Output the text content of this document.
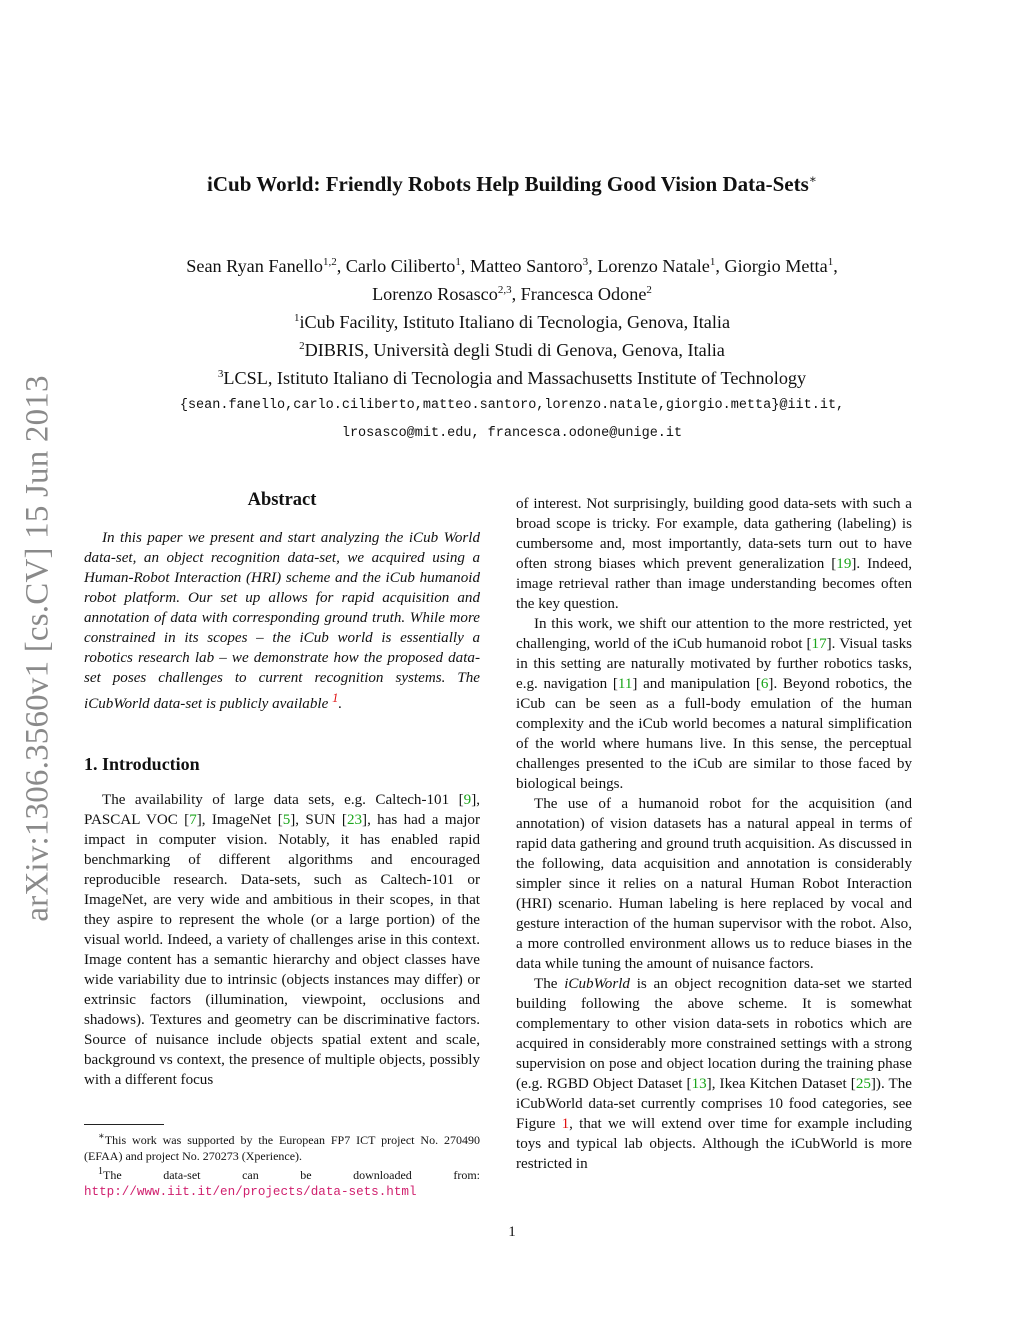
arXiv:1306.3560v1 [cs.CV] 15 Jun 2013
iCub World: Friendly Robots Help Building Good Vision Data-Sets∗
Sean Ryan Fanello$^{1,2}$, Carlo Ciliberto$^1$, Matteo Santoro$^3$, Lorenzo Natale$^1$, Giorgio Metta$^1$,
Lorenzo Rosasco$^{2,3}$, Francesca Odone$^2$
$^1$iCub Facility, Istituto Italiano di Tecnologia, Genova, Italia
$^2$DIBRIS, Università degli Studi di Genova, Genova, Italia
$^3$LCSL, Istituto Italiano di Tecnologia and Massachusetts Institute of Technology
{sean.fanello,carlo.ciliberto,matteo.santoro,lorenzo.natale,giorgio.metta}@iit.it,
lrosasco@mit.edu, francesca.odone@unige.it
Abstract

In this paper we present and start analyzing the iCub World data-set, an object recognition data-set, we acquired using a Human-Robot Interaction (HRI) scheme and the iCub humanoid robot platform. Our set up allows for rapid acquisition and annotation of data with corresponding ground truth. While more constrained in its scopes – the iCub world is essentially a robotics research lab – we demonstrate how the proposed data-set poses challenges to current recognition systems. The iCubWorld data-set is publicly available $^1$.

1. Introduction

The availability of large data sets, e.g. Caltech-101 [9], PASCAL VOC [7], ImageNet [5], SUN [23], has had a major impact in computer vision. Notably, it has enabled rapid benchmarking of different algorithms and encouraged reproducible research. Data-sets, such as Caltech-101 or ImageNet, are very wide and ambitious in their scopes, in that they aspire to represent the whole (or a large portion) of the visual world. Indeed, a variety of challenges arise in this context. Image content has a semantic hierarchy and object classes have wide variability due to intrinsic (objects instances may differ) or extrinsic factors (illumination, viewpoint, occlusions and shadows). Textures and geometry can be discriminative factors. Source of nuisance include objects spatial extent and scale, background vs context, the presence of multiple objects, possibly with a different focus

∗This work was supported by the European FP7 ICT project No. 270490 (EFAA) and project No. 270273 (Xperience).

$^1$The data-set can be downloaded from: http://www.iit.it/en/projects/data-sets.html

of interest. Not surprisingly, building good data-sets with such a broad scope is tricky. For example, data gathering (labeling) is cumbersome and, most importantly, data-sets turn out to have often strong biases which prevent generalization [19]. Indeed, image retrieval rather than image understanding becomes often the key question.

In this work, we shift our attention to the more restricted, yet challenging, world of the iCub humanoid robot [17]. Visual tasks in this setting are naturally motivated by further robotics tasks, e.g. navigation [11] and manipulation [6]. Beyond robotics, the iCub can be seen as a full-body emulation of the human complexity and the iCub world becomes a natural simplification of the world where humans live. In this sense, the perceptual challenges presented to the iCub are similar to those faced by biological beings.

The use of a humanoid robot for the acquisition (and annotation) of vision datasets has a natural appeal in terms of rapid data gathering and ground truth acquisition. As discussed in the following, data acquisition and annotation is considerably simpler since it relies on a natural Human Robot Interaction (HRI) scenario. Human labeling is here replaced by vocal and gesture interaction of the human supervisor with the robot. Also, a more controlled environment allows us to reduce biases in the data while tuning the amount of nuisance factors.

The iCubWorld is an object recognition data-set we started building following the above scheme. It is somewhat complementary to other vision data-sets in robotics which are acquired in considerably more constrained settings with a strong supervision on pose and object location during the training phase (e.g. RGBD Object Dataset [13], Ikea Kitchen Dataset [25]). The iCubWorld data-set currently comprises 10 food categories, see Figure 1, that we will extend over time for example including toys and typical lab objects. Although the iCubWorld is more restricted in

1
